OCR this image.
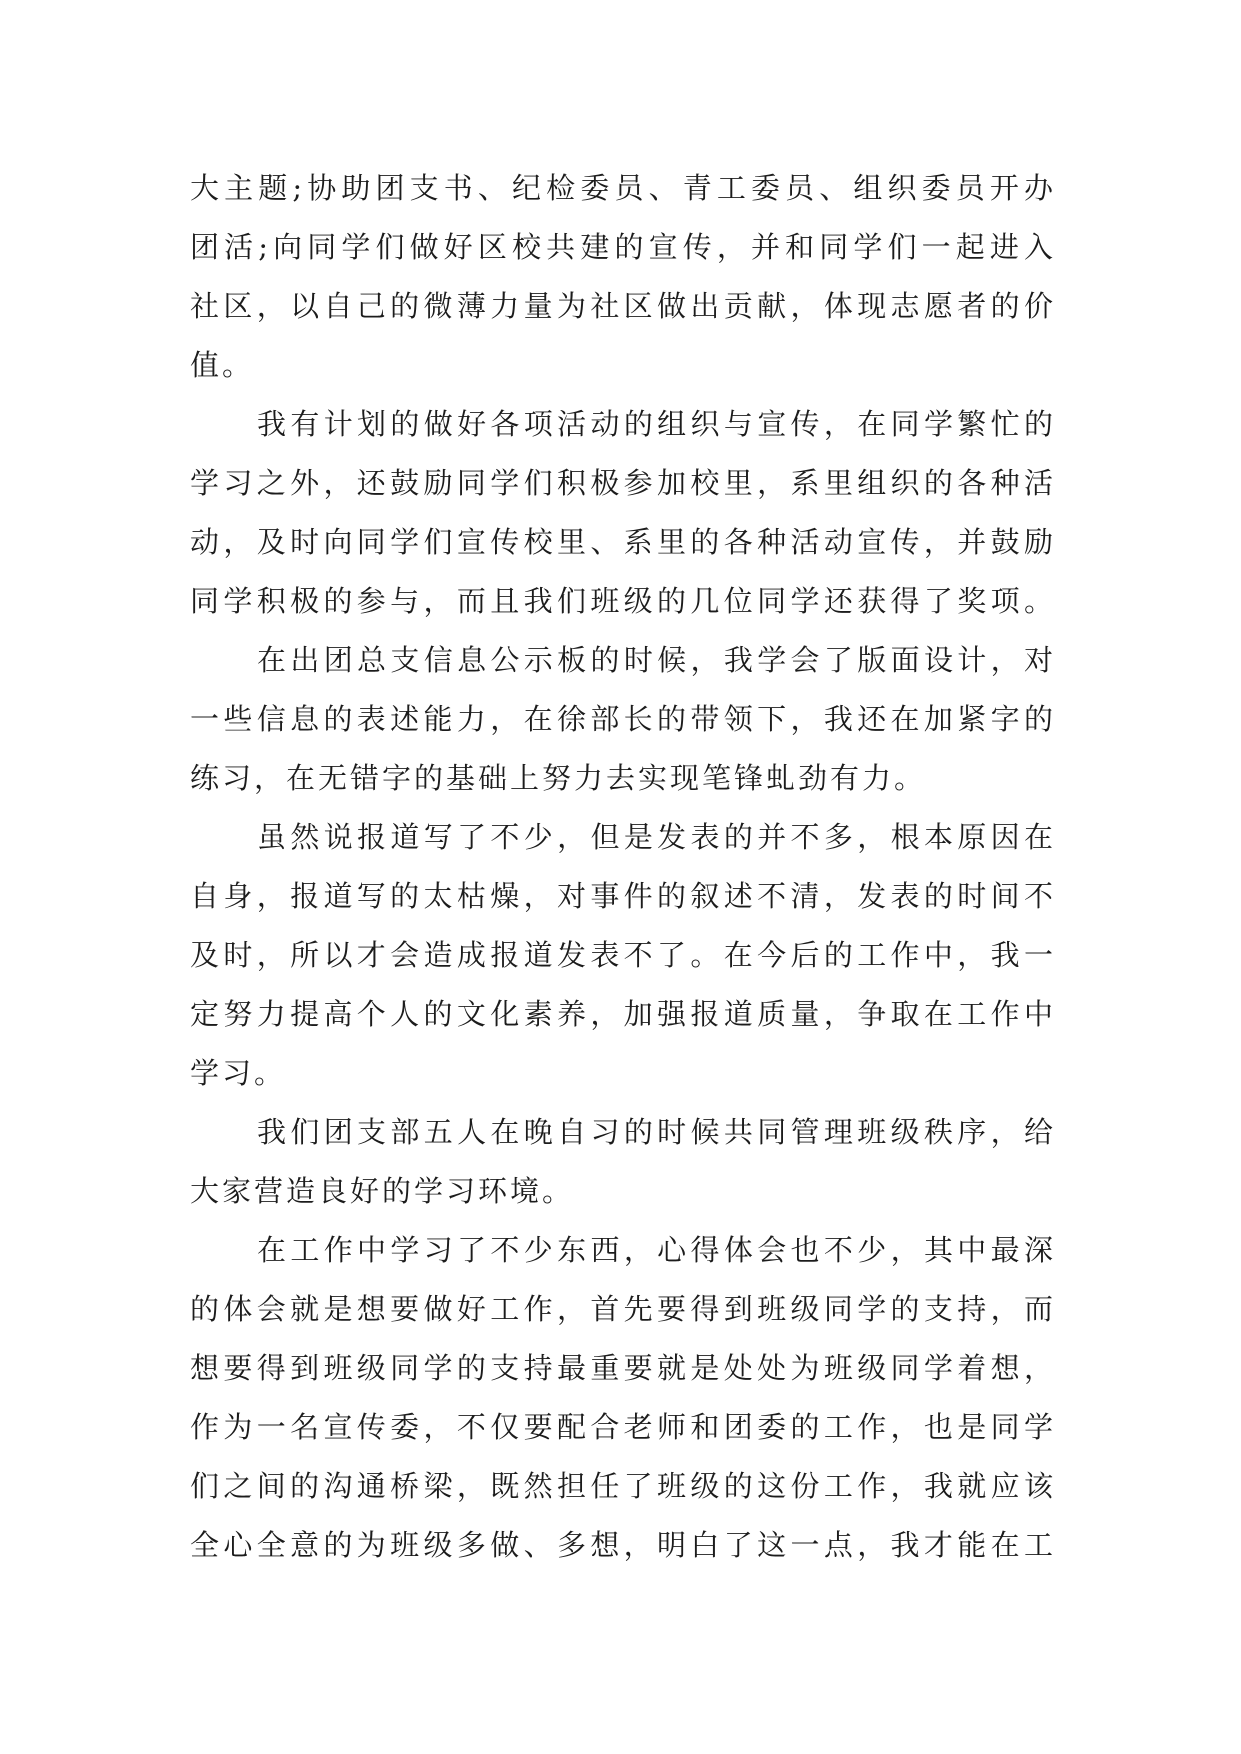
大主题;协助团支书、纪检委员、青工委员、组织委员开办
团活;向同学们做好区校共建的宣传，并和同学们一起进入
社区，以自己的微薄力量为社区做出贡献，体现志愿者的价
值。
我有计划的做好各项活动的组织与宣传，在同学繁忙的
学习之外，还鼓励同学们积极参加校里，系里组织的各种活
动，及时向同学们宣传校里、系里的各种活动宣传，并鼓励
同学积极的参与，而且我们班级的几位同学还获得了奖项。
在出团总支信息公示板的时候，我学会了版面设计，对
一些信息的表述能力，在徐部长的带领下，我还在加紧字的
练习，在无错字的基础上努力去实现笔锋虬劲有力。
虽然说报道写了不少，但是发表的并不多，根本原因在
自身，报道写的太枯燥，对事件的叙述不清，发表的时间不
及时，所以才会造成报道发表不了。在今后的工作中，我一
定努力提高个人的文化素养，加强报道质量，争取在工作中
学习。
我们团支部五人在晚自习的时候共同管理班级秩序，给
大家营造良好的学习环境。
在工作中学习了不少东西，心得体会也不少，其中最深
的体会就是想要做好工作，首先要得到班级同学的支持，而
想要得到班级同学的支持最重要就是处处为班级同学着想，
作为一名宣传委，不仅要配合老师和团委的工作，也是同学
们之间的沟通桥梁，既然担任了班级的这份工作，我就应该
全心全意的为班级多做、多想，明白了这一点，我才能在工
